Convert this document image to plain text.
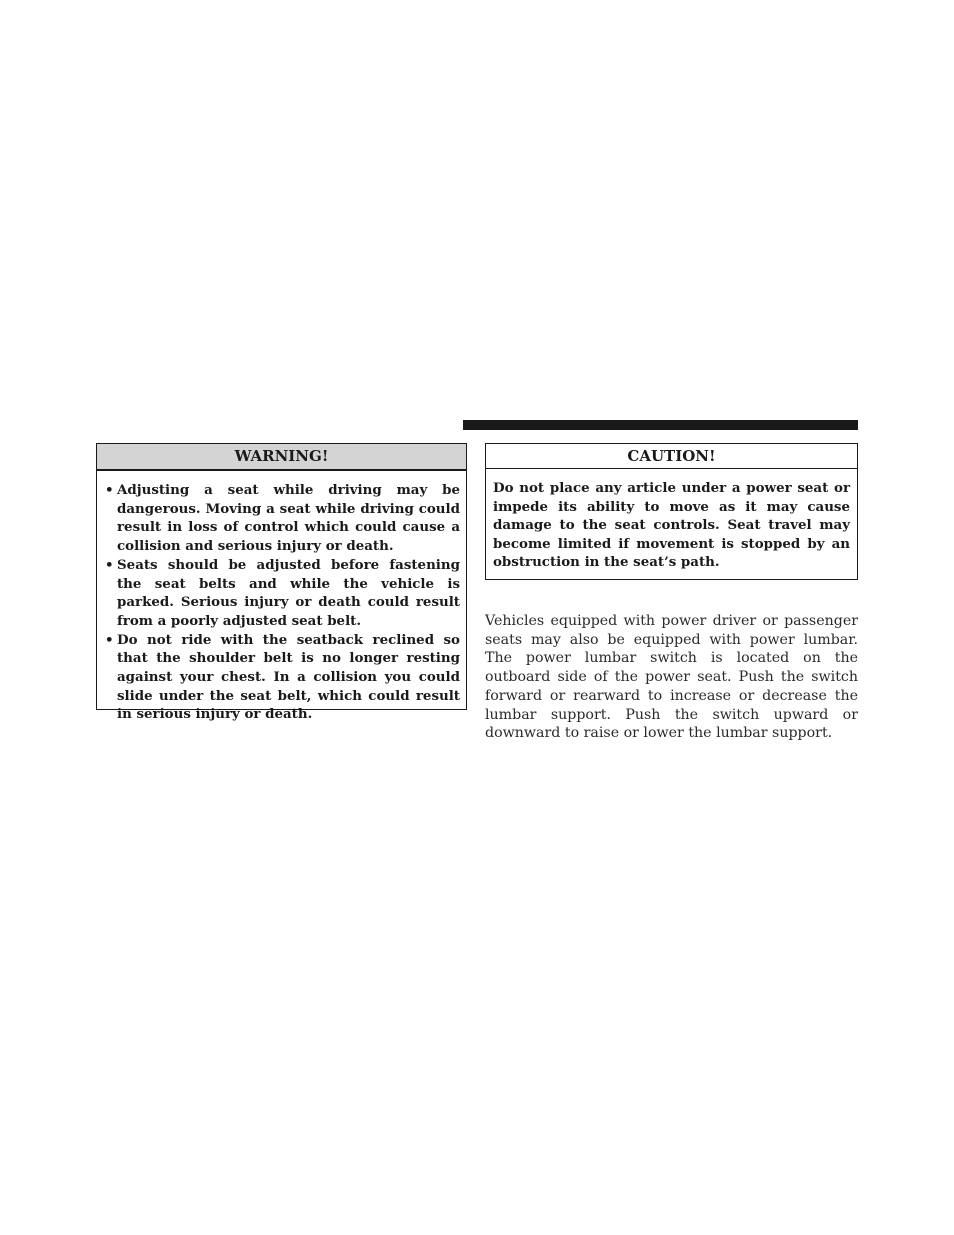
WARNING!
• Adjusting a seat while driving may be dangerous. Moving a seat while driving could result in loss of control which could cause a collision and serious injury or death.
• Seats should be adjusted before fastening the seat belts and while the vehicle is parked. Serious injury or death could result from a poorly adjusted seat belt.
• Do not ride with the seatback reclined so that the shoulder belt is no longer resting against your chest. In a collision you could slide under the seat belt, which could result in serious injury or death.
CAUTION!

Do not place any article under a power seat or impede its ability to move as it may cause damage to the seat controls. Seat travel may become limited if movement is stopped by an obstruction in the seat’s path.

Vehicles equipped with power driver or passenger seats may also be equipped with power lumbar. The power lumbar switch is located on the outboard side of the power seat. Push the switch forward or rearward to increase or decrease the lumbar support. Push the switch upward or downward to raise or lower the lumbar support.
